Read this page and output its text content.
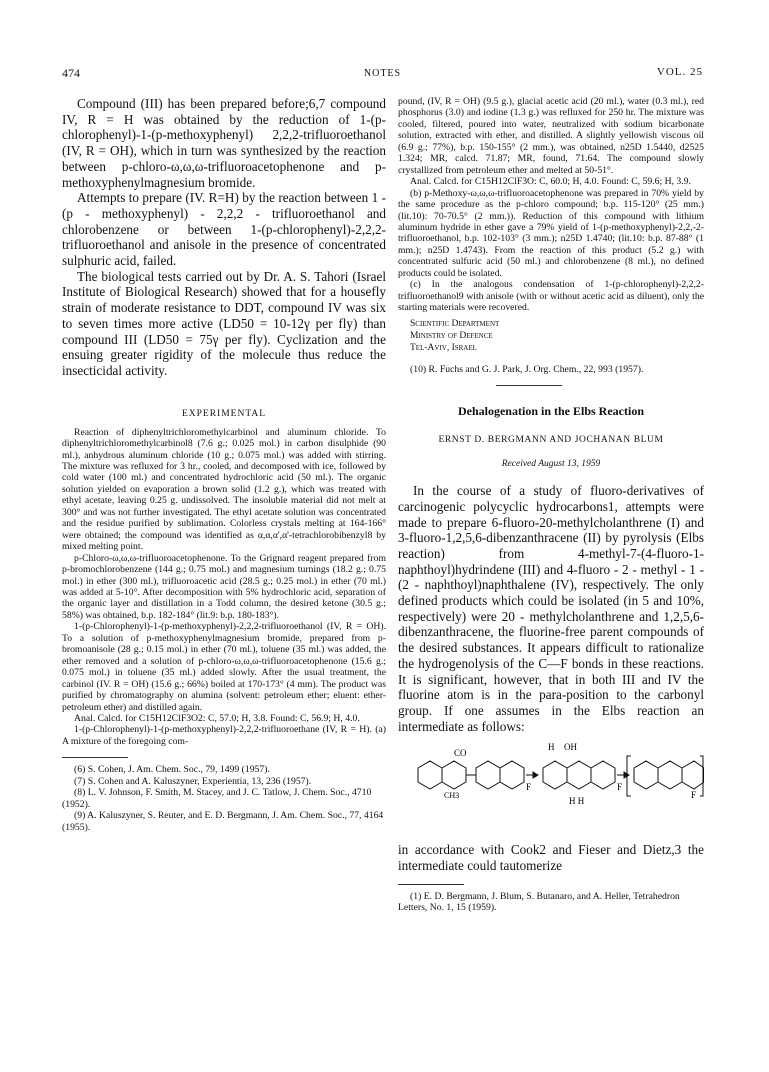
474	NOTES	VOL. 25

Compound (III) has been prepared before;6,7 compound IV, R = H was obtained by the reduction of 1-(p-chlorophenyl)-1-(p-methoxyphenyl) 2,2,2-trifluoroethanol (IV, R = OH), which in turn was synthesized by the reaction between p-chloro-ω,ω,ω-trifluoroacetophenone and p-methoxyphenylmagnesium bromide.

Attempts to prepare (IV. R=H) by the reaction between 1 - (p - methoxyphenyl) - 2,2,2 - trifluoroethanol and chlorobenzene or between 1-(p-chlorophenyl)-2,2,2-trifluoroethanol and anisole in the presence of concentrated sulphuric acid, failed.

The biological tests carried out by Dr. A. S. Tahori (Israel Institute of Biological Research) showed that for a housefly strain of moderate resistance to DDT, compound IV was six to seven times more active (LD50 = 10-12γ per fly) than compound III (LD50 = 75γ per fly). Cyclization and the ensuing greater rigidity of the molecule thus reduce the insecticidal activity.

EXPERIMENTAL

Reaction of diphenyltrichloromethylcarbinol and aluminum chloride. To diphenyltrichloromethylcarbinol8 (7.6 g.; 0.025 mol.) in carbon disulphide (90 ml.), anhydrous aluminum chloride (10 g.; 0.075 mol.) was added with stirring. The mixture was refluxed for 3 hr., cooled, and decomposed with ice, followed by cold water (100 ml.) and concentrated hydrochloric acid (50 ml.). The organic solution yielded on evaporation a brown solid (1.2 g.), which was treated with ethyl acetate, leaving 0.25 g. undissolved. The insoluble material did not melt at 300° and was not further investigated. The ethyl acetate solution was concentrated and the residue purified by sublimation. Colorless crystals melting at 164-166° were obtained; the compound was identified as α,α,α',α'-tetrachlorobibenzyl8 by mixed melting point.

p-Chloro-ω,ω,ω-trifluoroacetophenone. To the Grignard reagent prepared from p-bromochlorobenzene (144 g.; 0.75 mol.) and magnesium turnings (18.2 g.; 0.75 mol.) in ether (300 ml.), trifluoroacetic acid (28.5 g.; 0.25 mol.) in ether (70 ml.) was added at 5-10°. After decomposition with 5% hydrochloric acid, separation of the organic layer and distillation in a Todd column, the desired ketone (30.5 g.; 58%) was obtained, b.p. 182-184° (lit.9: b.p. 180-183°).

1-(p-Chlorophenyl)-1-(p-methoxyphenyl)-2,2,2-trifluoroethanol (IV, R = OH). To a solution of p-methoxyphenylmagnesium bromide, prepared from p-bromoanisole (28 g.; 0.15 mol.) in ether (70 ml.), toluene (35 ml.) was added, the ether removed and a solution of p-chloro-ω,ω,ω-trifluoroacetophenone (15.6 g.; 0.075 mol.) in toluene (35 ml.) added slowly. After the usual treatment, the carbinol (IV. R = OH) (15.6 g.; 66%) boiled at 170-173° (4 mm). The product was purified by chromatography on alumina (solvent: petroleum ether; eluent: ether-petroleum ether) and distilled again.

Anal. Calcd. for C15H12ClF3O2: C, 57.0; H, 3.8. Found: C, 56.9; H, 4.0.

1-(p-Chlorophenyl)-1-(p-methoxyphenyl)-2,2,2-trifluoroethane (IV, R = H). (a) A mixture of the foregoing com-

(6) S. Cohen, J. Am. Chem. Soc., 79, 1499 (1957).

(7) S. Cohen and A. Kaluszyner, Experientia, 13, 236 (1957).

(8) L. V. Johnson, F. Smith, M. Stacey, and J. C. Tatlow, J. Chem. Soc., 4710 (1952).

(9) A. Kaluszyner, S. Reuter, and E. D. Bergmann, J. Am. Chem. Soc., 77, 4164 (1955).

pound, (IV, R = OH) (9.5 g.), glacial acetic acid (20 ml.), water (0.3 ml.), red phosphorus (3.0) and iodine (1.3 g.) was refluxed for 250 hr. The mixture was cooled, filtered, poured into water, neutralized with sodium bicarbonate solution, extracted with ether, and distilled. A slightly yellowish viscous oil (6.9 g.; 77%), b.p. 150-155° (2 mm.), was obtained, n25D 1.5440, d2525 1.324; MR, calcd. 71.87; MR, found, 71.64. The compound slowly crystallized from petroleum ether and melted at 50-51°.

Anal. Calcd. for C15H12ClF3O: C, 60.0; H, 4.0. Found: C, 59.6; H, 3.9.

(b) p-Methoxy-ω,ω,ω-trifluoroacetophenone was prepared in 70% yield by the same procedure as the p-chloro compound; b.p. 115-120° (25 mm.) (lit.10): 70-70.5° (2 mm.)). Reduction of this compound with lithium aluminum hydride in ether gave a 79% yield of 1-(p-methoxyphenyl)-2,2,-2-trifluoroethanol, b.p. 102-103° (3 mm.); n25D 1.4740; (lit.10: b.p. 87-88° (1 mm.); n25D 1.4743). From the reaction of this product (5.2 g.) with concentrated sulfuric acid (50 ml.) and chlorobenzene (8 ml.), no defined products could be isolated.

(c) In the analogous condensation of 1-(p-chlorophenyl)-2,2,2-trifluoroethanol9 with anisole (with or without acetic acid as diluent), only the starting materials were recovered.

Scientific Department
Ministry of Defence
Tel-Aviv, Israel

(10) R. Fuchs and G. J. Park, J. Org. Chem., 22, 993 (1957).

Dehalogenation in the Elbs Reaction
ERNST D. BERGMANN AND JOCHANAN BLUM
Received August 13, 1959

In the course of a study of fluoro-derivatives of carcinogenic polycyclic hydrocarbons1, attempts were made to prepare 6-fluoro-20-methylcholanthrene (I) and 3-fluoro-1,2,5,6-dibenzanthracene (II) by pyrolysis (Elbs reaction) from 4-methyl-7-(4-fluoro-1-naphthoyl)hydrindene (III) and 4-fluoro - 2 - methyl - 1 - (2 - naphthoyl)naphthalene (IV), respectively. The only defined products which could be isolated (in 5 and 10%, respectively) were 20 - methylcholanthrene and 1,2,5,6-dibenzanthracene, the fluorine-free parent compounds of the desired substances. It appears difficult to rationalize the hydrogenolysis of the C—F bonds in these reactions. It is significant, however, that in both III and IV the fluorine atom is in the para-position to the carbonyl group. If one assumes in the Elbs reaction an intermediate as follows:

CO
CH3
F	F
F
H OH
H H

in accordance with Cook2 and Fieser and Dietz,3 the intermediate could tautomerize

(1) E. D. Bergmann, J. Blum, S. Butanaro, and A. Heller, Tetrahedron Letters, No. 1, 15 (1959).
